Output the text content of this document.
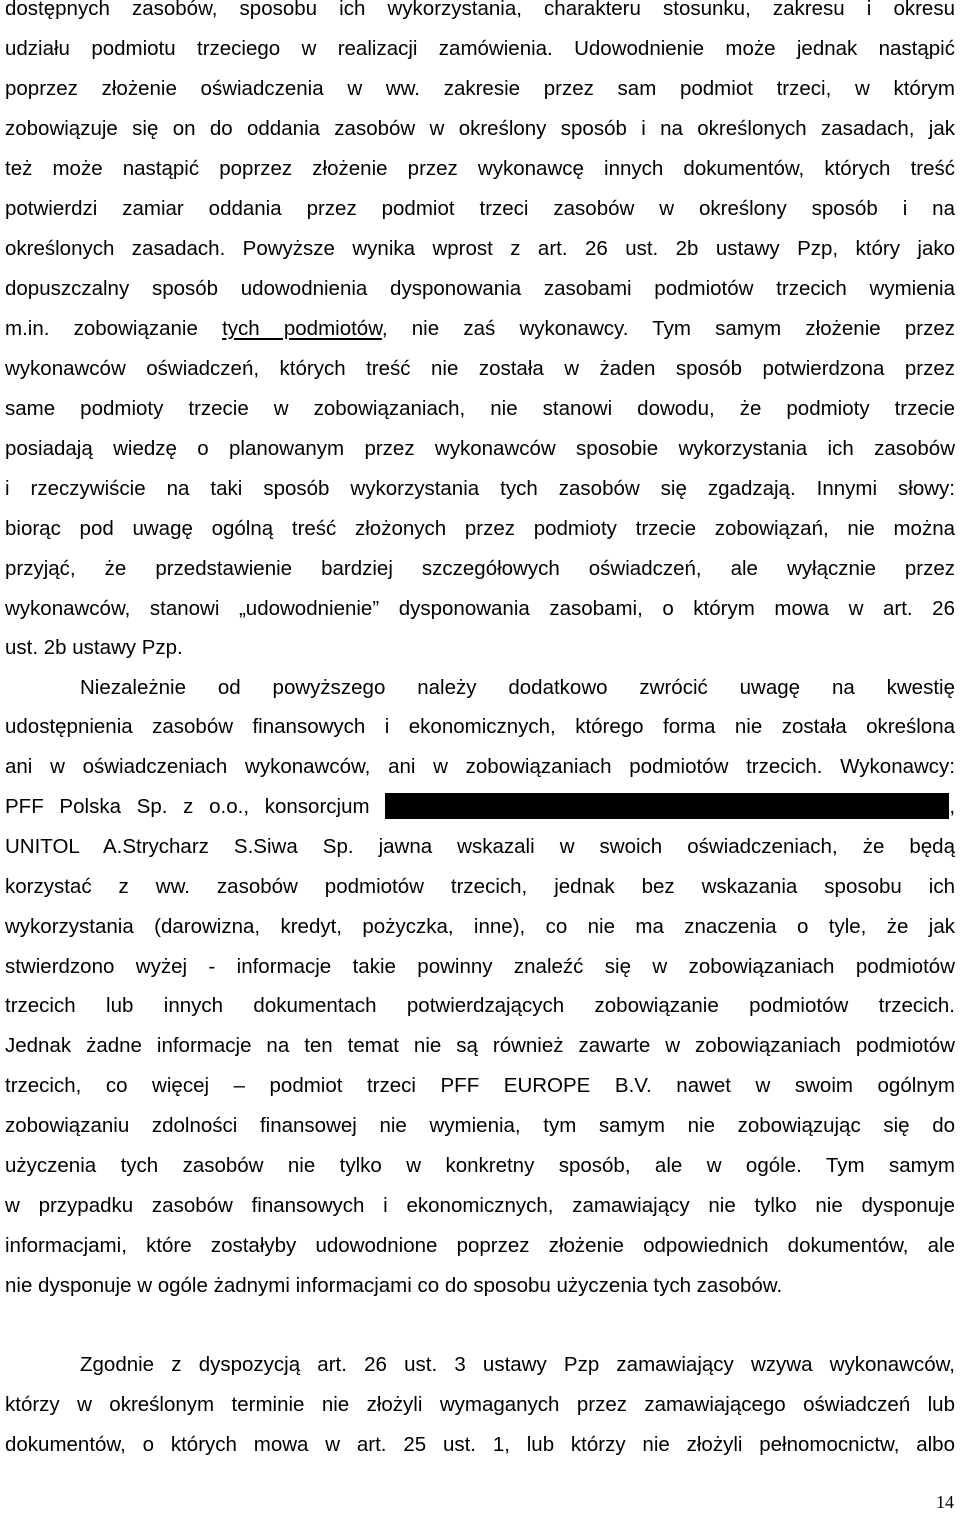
dostępnych zasobów, sposobu ich wykorzystania, charakteru stosunku, zakresu i okresu
udziału podmiotu trzeciego w realizacji zamówienia. Udowodnienie może jednak nastąpić
poprzez złożenie oświadczenia w ww. zakresie przez sam podmiot trzeci, w którym
zobowiązuje się on do oddania zasobów w określony sposób i na określonych zasadach, jak
też może nastąpić poprzez złożenie przez wykonawcę innych dokumentów, których treść
potwierdzi zamiar oddania przez podmiot trzeci zasobów w określony sposób i na
określonych zasadach. Powyższe wynika wprost z art. 26 ust. 2b ustawy Pzp, który jako
dopuszczalny sposób udowodnienia dysponowania zasobami podmiotów trzecich wymienia
m.in. zobowiązanie tych podmiotów, nie zaś wykonawcy. Tym samym złożenie przez
wykonawców oświadczeń, których treść nie została w żaden sposób potwierdzona przez
same podmioty trzecie w zobowiązaniach, nie stanowi dowodu, że podmioty trzecie
posiadają wiedzę o planowanym przez wykonawców sposobie wykorzystania ich zasobów
i rzeczywiście na taki sposób wykorzystania tych zasobów się zgadzają. Innymi słowy:
biorąc pod uwagę ogólną treść złożonych przez podmioty trzecie zobowiązań, nie można
przyjąć, że przedstawienie bardziej szczegółowych oświadczeń, ale wyłącznie przez
wykonawców, stanowi „udowodnienie” dysponowania zasobami, o którym mowa w art. 26
ust. 2b ustawy Pzp.
Niezależnie od powyższego należy dodatkowo zwrócić uwagę na kwestię
udostępnienia zasobów finansowych i ekonomicznych, którego forma nie została określona
ani w oświadczeniach wykonawców, ani w zobowiązaniach podmiotów trzecich. Wykonawcy:
PFF Polska Sp. z o.o., konsorcjum	,
UNITOL A.Strycharz S.Siwa Sp. jawna wskazali w swoich oświadczeniach, że będą
korzystać z ww. zasobów podmiotów trzecich, jednak bez wskazania sposobu ich
wykorzystania (darowizna, kredyt, pożyczka, inne), co nie ma znaczenia o tyle, że jak
stwierdzono wyżej - informacje takie powinny znaleźć się w zobowiązaniach podmiotów
trzecich lub innych dokumentach potwierdzających zobowiązanie podmiotów trzecich.
Jednak żadne informacje na ten temat nie są również zawarte w zobowiązaniach podmiotów
trzecich, co więcej – podmiot trzeci PFF EUROPE B.V. nawet w swoim ogólnym
zobowiązaniu zdolności finansowej nie wymienia, tym samym nie zobowiązując się do
użyczenia tych zasobów nie tylko w konkretny sposób, ale w ogóle. Tym samym
w przypadku zasobów finansowych i ekonomicznych, zamawiający nie tylko nie dysponuje
informacjami, które zostałyby udowodnione poprzez złożenie odpowiednich dokumentów, ale
nie dysponuje w ogóle żadnymi informacjami co do sposobu użyczenia tych zasobów.
Zgodnie z dyspozycją art. 26 ust. 3 ustawy Pzp zamawiający wzywa wykonawców,
którzy w określonym terminie nie złożyli wymaganych przez zamawiającego oświadczeń lub
dokumentów, o których mowa w art. 25 ust. 1, lub którzy nie złożyli pełnomocnictw, albo
14
